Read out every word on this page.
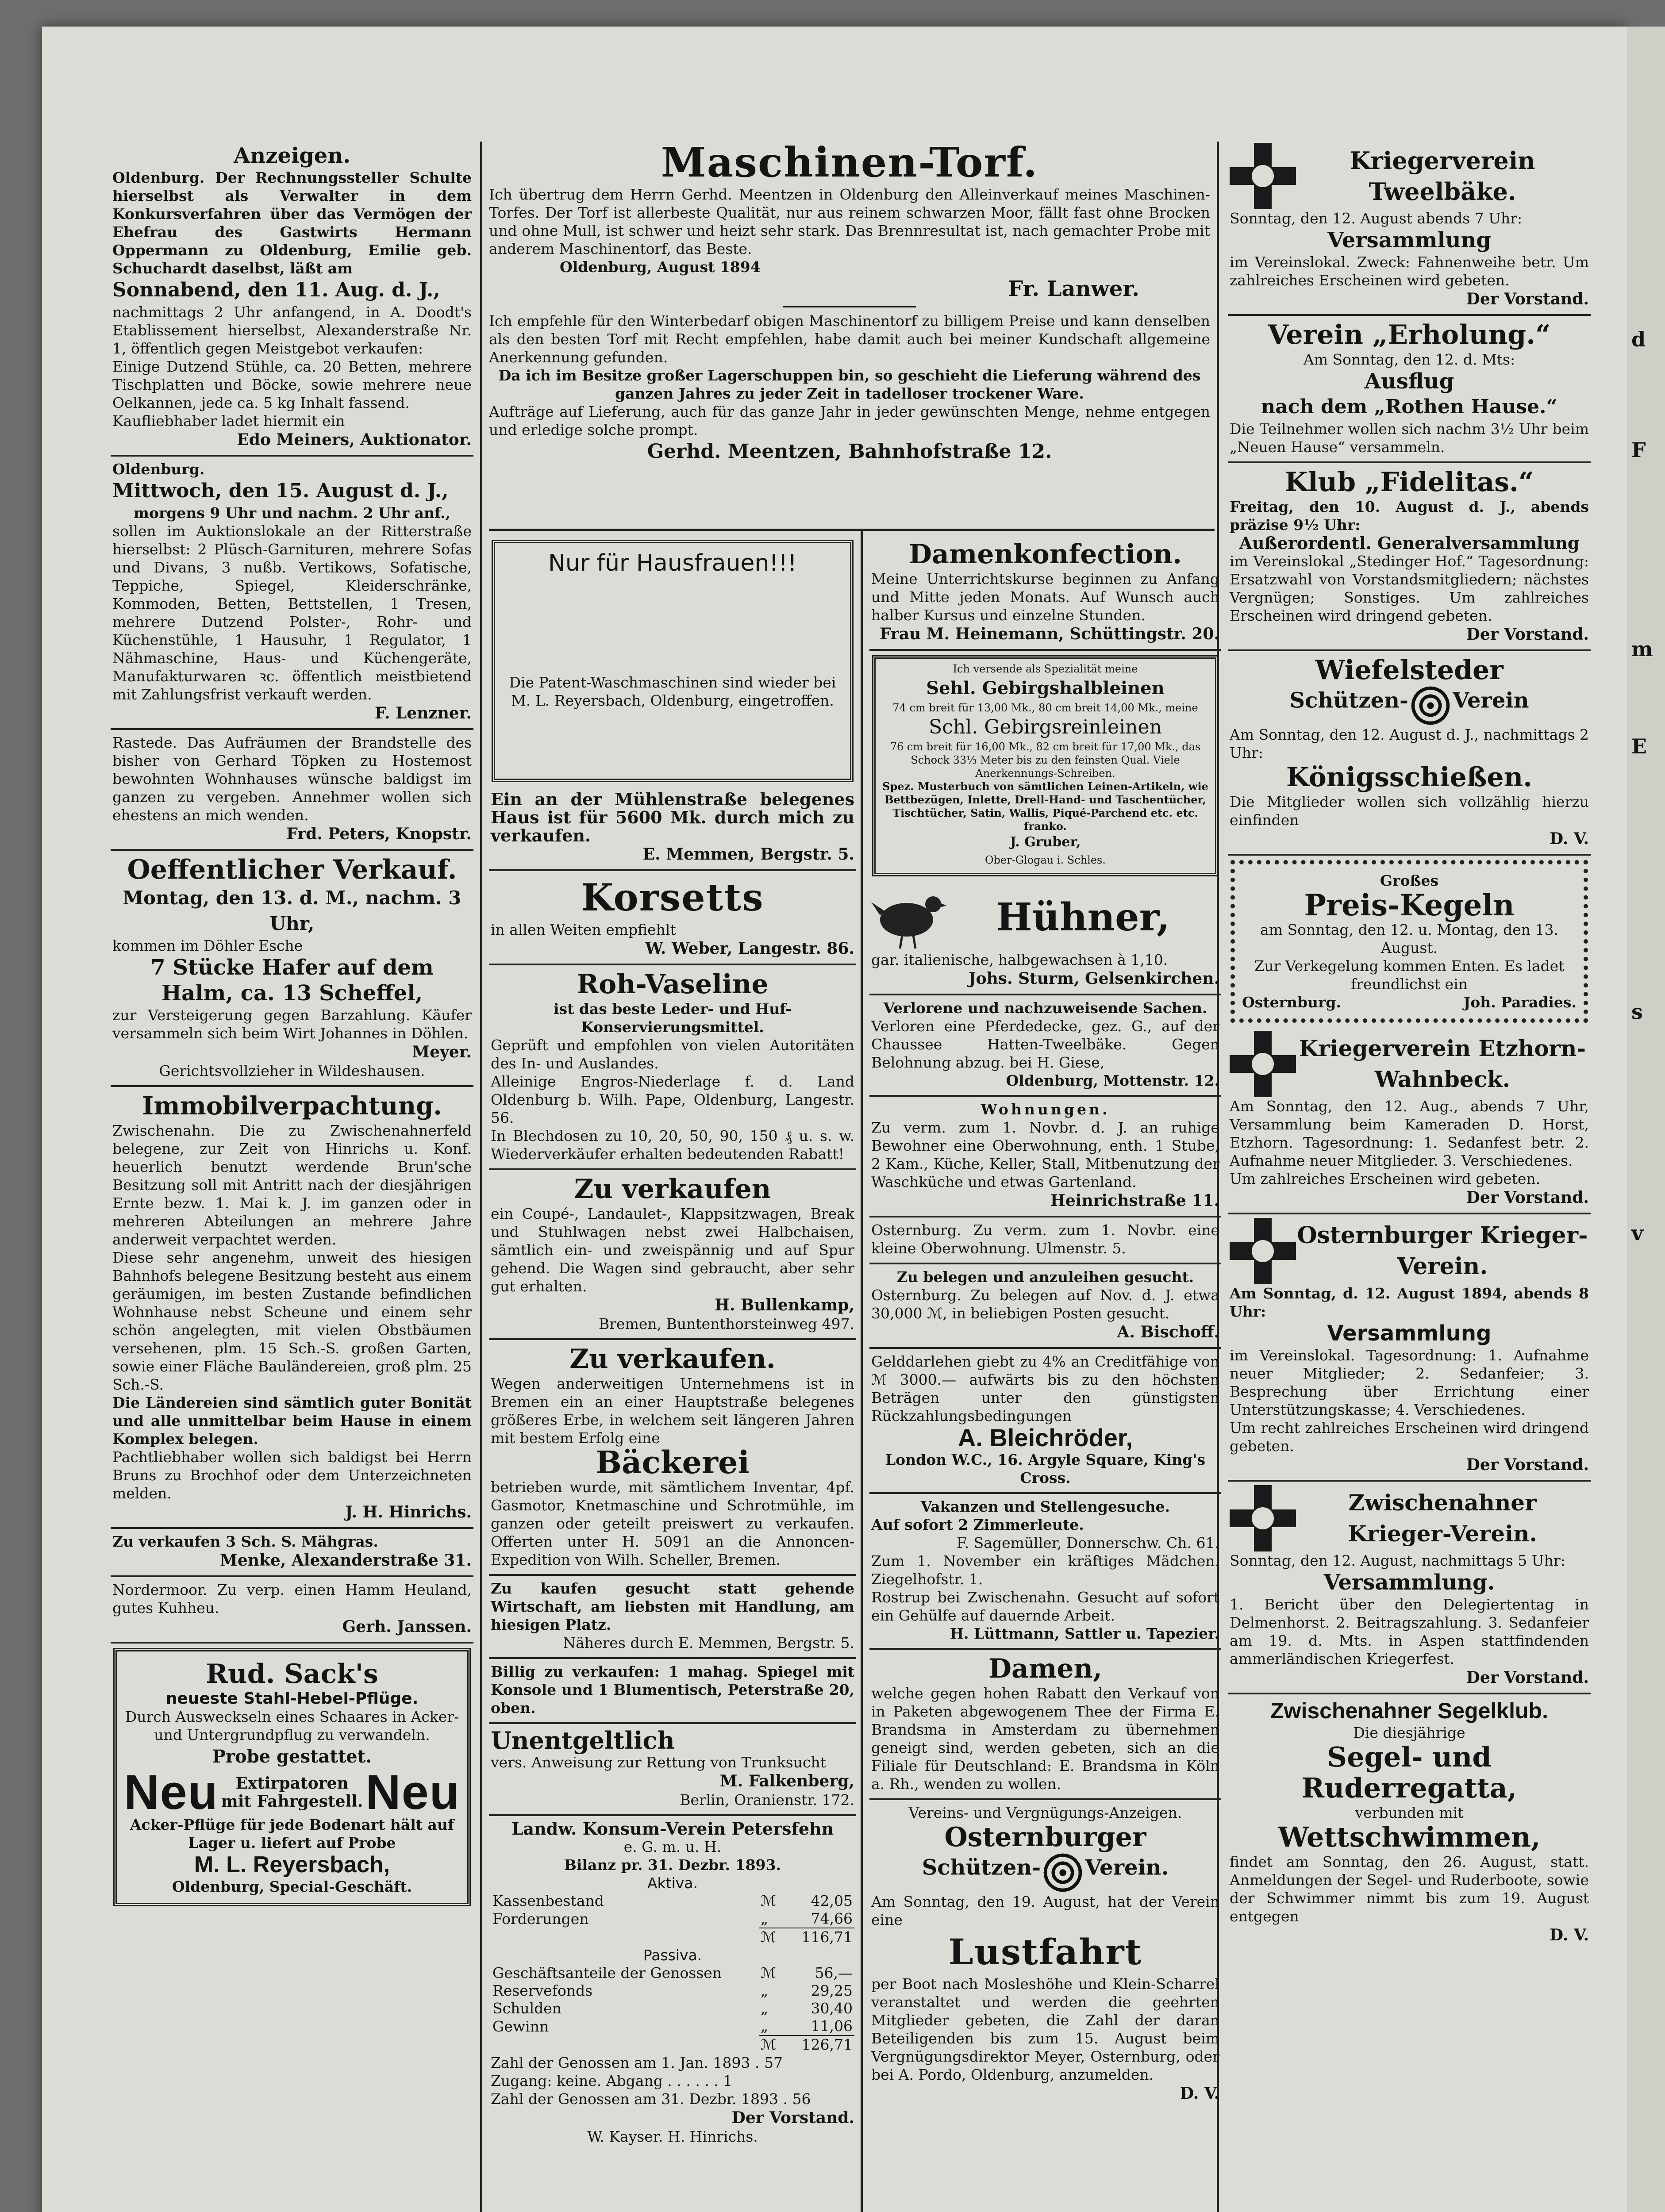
d
F
m
E
s
v

Anzeigen.

Oldenburg. Der Rechnungssteller Schulte hierselbst als Verwalter in dem Konkursverfahren über das Vermögen der Ehefrau des Gastwirts Hermann Oppermann zu Oldenburg, Emilie geb. Schuchardt daselbst, läßt am

Sonnabend, den 11. Aug. d. J.,

nachmittags 2 Uhr anfangend, in A. Doodt's Etablissement hierselbst, Alexanderstraße Nr. 1, öffentlich gegen Meistgebot verkaufen:

Einige Dutzend Stühle, ca. 20 Betten, mehrere Tischplatten und Böcke, sowie mehrere neue Oelkannen, jede ca. 5 kg Inhalt fassend.

Kaufliebhaber ladet hiermit ein

Edo Meiners, Auktionator.

Oldenburg.

Mittwoch, den 15. August d. J.,

morgens 9 Uhr und nachm. 2 Uhr anf.,

sollen im Auktionslokale an der Ritterstraße hierselbst: 2 Plüsch-Garnituren, mehrere Sofas und Divans, 3 nußb. Vertikows, Sofatische, Teppiche, Spiegel, Kleiderschränke, Kommoden, Betten, Bettstellen, 1 Tresen, mehrere Dutzend Polster-, Rohr- und Küchenstühle, 1 Hausuhr, 1 Regulator, 1 Nähmaschine, Haus- und Küchengeräte, Manufakturwaren ꝛc. öffentlich meistbietend mit Zahlungsfrist verkauft werden.

F. Lenzner.

Rastede. Das Aufräumen der Brandstelle des bisher von Gerhard Töpken zu Hostemost bewohnten Wohnhauses wünsche baldigst im ganzen zu vergeben. Annehmer wollen sich ehestens an mich wenden.

Frd. Peters, Knopstr.

Oeffentlicher Verkauf.

Montag, den 13. d. M., nachm. 3 Uhr,

kommen im Döhler Esche

7 Stücke Hafer auf dem Halm, ca. 13 Scheffel,

zur Versteigerung gegen Barzahlung. Käufer versammeln sich beim Wirt Johannes in Döhlen.

Meyer.

Gerichtsvollzieher in Wildeshausen.

Immobilverpachtung.

Zwischenahn. Die zu Zwischenahnerfeld belegene, zur Zeit von Hinrichs u. Konf. heuerlich benutzt werdende Brun'sche Besitzung soll mit Antritt nach der diesjährigen Ernte bezw. 1. Mai k. J. im ganzen oder in mehreren Abteilungen an mehrere Jahre anderweit verpachtet werden.

Diese sehr angenehm, unweit des hiesigen Bahnhofs belegene Besitzung besteht aus einem geräumigen, im besten Zustande befindlichen Wohnhause nebst Scheune und einem sehr schön angelegten, mit vielen Obstbäumen versehenen, plm. 15 Sch.-S. großen Garten, sowie einer Fläche Bauländereien, groß plm. 25 Sch.-S.

Die Ländereien sind sämtlich guter Bonität und alle unmittelbar beim Hause in einem Komplex belegen.

Pachtliebhaber wollen sich baldigst bei Herrn Bruns zu Brochhof oder dem Unterzeichneten melden.

J. H. Hinrichs.

Zu verkaufen 3 Sch. S. Mähgras.

Menke, Alexanderstraße 31.

Nordermoor. Zu verp. einen Hamm Heuland, gutes Kuhheu.

Gerh. Janssen.

Rud. Sack's

neueste Stahl-Hebel-Pflüge.

Durch Ausweckseln eines Schaares in Acker- und Untergrundpflug zu verwandeln.

Probe gestattet.

Neu	Extirpatoren mit Fahrgestell. Neu

Acker-Pflüge für jede Bodenart hält auf Lager u. liefert auf Probe

M. L. Reyersbach,

Oldenburg, Special-Geschäft.

Maschinen-Torf.

Ich übertrug dem Herrn Gerhd. Meentzen in Oldenburg den Alleinverkauf meines Maschinen-Torfes. Der Torf ist allerbeste Qualität, nur aus reinem schwarzen Moor, fällt fast ohne Brocken und ohne Mull, ist schwer und heizt sehr stark. Das Brennresultat ist, nach gemachter Probe mit anderem Maschinentorf, das Beste.

Oldenburg, August 1894

Fr. Lanwer.

Ich empfehle für den Winterbedarf obigen Maschinentorf zu billigem Preise und kann denselben als den besten Torf mit Recht empfehlen, habe damit auch bei meiner Kundschaft allgemeine Anerkennung gefunden.

Da ich im Besitze großer Lagerschuppen bin, so geschieht die Lieferung während des ganzen Jahres zu jeder Zeit in tadelloser trockener Ware.

Aufträge auf Lieferung, auch für das ganze Jahr in jeder gewünschten Menge, nehme entgegen und erledige solche prompt.

Gerhd. Meentzen, Bahnhofstraße 12.

Nur für Hausfrauen!!!

Die Patent-Waschmaschinen sind wieder bei M. L. Reyersbach, Oldenburg, eingetroffen.

Ein an der Mühlenstraße belegenes Haus ist für 5600 Mk. durch mich zu verkaufen.

E. Memmen, Bergstr. 5.

Korsetts

in allen Weiten empfiehlt

W. Weber, Langestr. 86.

Roh-Vaseline

ist das beste Leder- und Huf-Konservierungsmittel.

Geprüft und empfohlen von vielen Autoritäten des In- und Auslandes.

Alleinige Engros-Niederlage f. d. Land Oldenburg b. Wilh. Pape, Oldenburg, Langestr. 56.

In Blechdosen zu 10, 20, 50, 90, 150 ₰ u. s. w. Wiederverkäufer erhalten bedeutenden Rabatt!

Zu verkaufen

ein Coupé-, Landaulet-, Klappsitzwagen, Break und Stuhlwagen nebst zwei Halbchaisen, sämtlich ein- und zweispännig und auf Spur gehend. Die Wagen sind gebraucht, aber sehr gut erhalten.

H. Bullenkamp,

Bremen, Buntenthorsteinweg 497.

Zu verkaufen.

Wegen anderweitigen Unternehmens ist in Bremen ein an einer Hauptstraße belegenes größeres Erbe, in welchem seit längeren Jahren mit bestem Erfolg eine

Bäckerei

betrieben wurde, mit sämtlichem Inventar, 4pf. Gasmotor, Knetmaschine und Schrotmühle, im ganzen oder geteilt preiswert zu verkaufen. Offerten unter H. 5091 an die Annoncen-Expedition von Wilh. Scheller, Bremen.

Zu kaufen gesucht statt gehende Wirtschaft, am liebsten mit Handlung, am hiesigen Platz.

Näheres durch E. Memmen, Bergstr. 5.

Billig zu verkaufen: 1 mahag. Spiegel mit Konsole und 1 Blumentisch, Peterstraße 20, oben.

Unentgeltlich

vers. Anweisung zur Rettung von Trunksucht

M. Falkenberg,

Berlin, Oranienstr. 172.

Landw. Konsum-Verein Petersfehn

e. G. m. u. H.

Bilanz pr. 31. Dezbr. 1893.

Aktiva.

Kassenbestand	ℳ	42,05
Forderungen	„	74,66
	ℳ	116,71

Passiva.

Geschäftsanteile der Genossen	ℳ	56,—
Reservefonds	„	29,25
Schulden	„	30,40
Gewinn	„	11,06
	ℳ	126,71

Zahl der Genossen am 1. Jan. 1893 . 57

Zugang: keine. Abgang . . . . . . 1

Zahl der Genossen am 31. Dezbr. 1893 . 56

Der Vorstand.

W. Kayser. H. Hinrichs.

Damenkonfection.

Meine Unterrichtskurse beginnen zu Anfang und Mitte jeden Monats. Auf Wunsch auch halber Kursus und einzelne Stunden.

Frau M. Heinemann, Schüttingstr. 20.

Ich versende als Spezialität meine

Sehl. Gebirgshalbleinen

74 cm breit für 13,00 Mk., 80 cm breit 14,00 Mk., meine

Schl. Gebirgsreinleinen

76 cm breit für 16,00 Mk., 82 cm breit für 17,00 Mk., das Schock 33⅓ Meter bis zu den feinsten Qual. Viele Anerkennungs-Schreiben.

Spez. Musterbuch von sämtlichen Leinen-Artikeln, wie Bettbezügen, Inlette, Drell-Hand- und Taschentücher, Tischtücher, Satin, Wallis, Piqué-Parchend etc. etc. franko.

J. Gruber,

Ober-Glogau i. Schles.

Hühner,

gar. italienische, halbgewachsen à 1,10.

Johs. Sturm, Gelsenkirchen.

Verlorene und nachzuweisende Sachen.

Verloren eine Pferdedecke, gez. G., auf der Chaussee Hatten-Tweelbäke. Gegen Belohnung abzug. bei H. Giese,

Oldenburg, Mottenstr. 12.

Wohnungen.

Zu verm. zum 1. Novbr. d. J. an ruhige Bewohner eine Oberwohnung, enth. 1 Stube, 2 Kam., Küche, Keller, Stall, Mitbenutzung der Waschküche und etwas Gartenland.

Heinrichstraße 11.

Osternburg. Zu verm. zum 1. Novbr. eine kleine Oberwohnung. Ulmenstr. 5.

Zu belegen und anzuleihen gesucht.

Osternburg. Zu belegen auf Nov. d. J. etwa 30,000 ℳ, in beliebigen Posten gesucht.

A. Bischoff.

Gelddarlehen giebt zu 4% an Creditfähige von ℳ 3000.— aufwärts bis zu den höchsten Beträgen unter den günstigsten Rückzahlungsbedingungen

A. Bleichröder,

London W.C., 16. Argyle Square, King's Cross.

Vakanzen und Stellengesuche.

Auf sofort 2 Zimmerleute.

F. Sagemüller, Donnerschw. Ch. 61.

Zum 1. November ein kräftiges Mädchen. Ziegelhofstr. 1.

Rostrup bei Zwischenahn. Gesucht auf sofort ein Gehülfe auf dauernde Arbeit.

H. Lüttmann, Sattler u. Tapezier.

Damen,

welche gegen hohen Rabatt den Verkauf von in Paketen abgewogenem Thee der Firma E. Brandsma in Amsterdam zu übernehmen geneigt sind, werden gebeten, sich an die Filiale für Deutschland: E. Brandsma in Köln a. Rh., wenden zu wollen.

Vereins- und Vergnügungs-Anzeigen.

Osternburger

Schützen- Verein.

Am Sonntag, den 19. August, hat der Verein eine

Lustfahrt

per Boot nach Mosleshöhe und Klein-Scharrel veranstaltet und werden die geehrten Mitglieder gebeten, die Zahl der daran Beteiligenden bis zum 15. August beim Vergnügungsdirektor Meyer, Osternburg, oder bei A. Pordo, Oldenburg, anzumelden.

D. V.

Kriegerverein Tweelbäke.

Sonntag, den 12. August abends 7 Uhr:

Versammlung

im Vereinslokal. Zweck: Fahnenweihe betr. Um zahlreiches Erscheinen wird gebeten.

Der Vorstand.

Verein „Erholung.“

Am Sonntag, den 12. d. Mts:

Ausflug

nach dem „Rothen Hause.“

Die Teilnehmer wollen sich nachm 3½ Uhr beim „Neuen Hause“ versammeln.

Klub „Fidelitas.“

Freitag, den 10. August d. J., abends präzise 9½ Uhr:

Außerordentl. Generalversammlung

im Vereinslokal „Stedinger Hof.“ Tagesordnung: Ersatzwahl von Vorstandsmitgliedern; nächstes Vergnügen; Sonstiges. Um zahlreiches Erscheinen wird dringend gebeten.

Der Vorstand.

Wiefelsteder

Schützen- Verein

Am Sonntag, den 12. August d. J., nachmittags 2 Uhr:

Königsschießen.

Die Mitglieder wollen sich vollzählig hierzu einfinden

D. V.

Großes

Preis-Kegeln

am Sonntag, den 12. u. Montag, den 13. August.

Zur Verkegelung kommen Enten. Es ladet freundlichst ein

Osternburg.	Joh. Paradies.

Kriegerverein Etzhorn-Wahnbeck.

Am Sonntag, den 12. Aug., abends 7 Uhr, Versammlung beim Kameraden D. Horst, Etzhorn. Tagesordnung: 1. Sedanfest betr. 2. Aufnahme neuer Mitglieder. 3. Verschiedenes.

Um zahlreiches Erscheinen wird gebeten.

Der Vorstand.

Osternburger Krieger-Verein.

Am Sonntag, d. 12. August 1894, abends 8 Uhr:

Versammlung

im Vereinslokal. Tagesordnung: 1. Aufnahme neuer Mitglieder; 2. Sedanfeier; 3. Besprechung über Errichtung einer Unterstützungskasse; 4. Verschiedenes.

Um recht zahlreiches Erscheinen wird dringend gebeten.

Der Vorstand.

Zwischenahner Krieger-Verein.

Sonntag, den 12. August, nachmittags 5 Uhr:

Versammlung.

1. Bericht über den Delegiertentag in Delmenhorst. 2. Beitragszahlung. 3. Sedanfeier am 19. d. Mts. in Aspen stattfindenden ammerländischen Kriegerfest.

Der Vorstand.

Zwischenahner Segelklub.

Die diesjährige

Segel- und Ruderregatta,

verbunden mit

Wettschwimmen,

findet am Sonntag, den 26. August, statt. Anmeldungen der Segel- und Ruderboote, sowie der Schwimmer nimmt bis zum 19. August entgegen

D. V.
